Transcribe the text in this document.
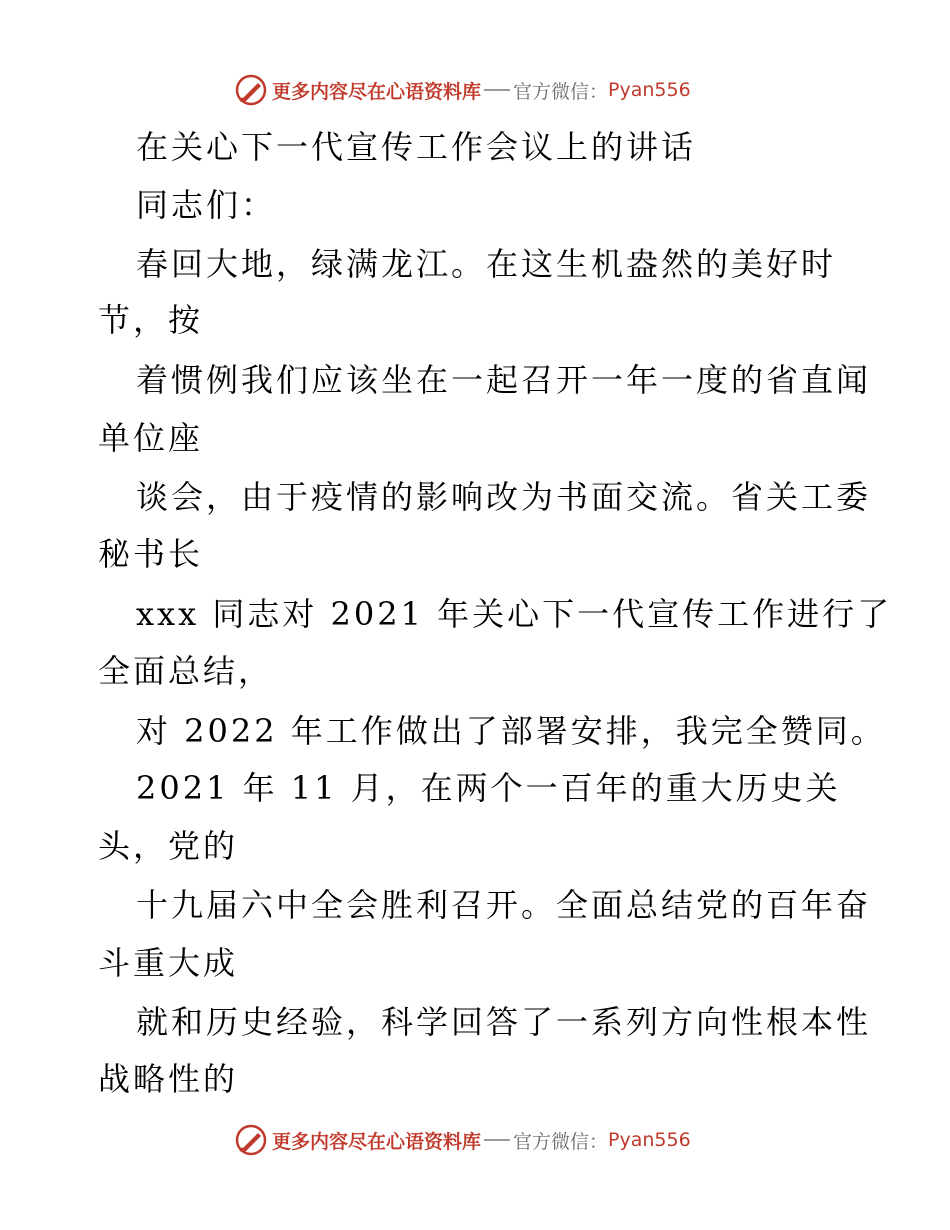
更多内容尽在心语资料库 官方微信： Pyan556

在关心下一代宣传工作会议上的讲话

同志们：

春回大地，绿满龙江。在这生机盎然的美好时

节，按

着惯例我们应该坐在一起召开一年一度的省直闻

单位座

谈会，由于疫情的影响改为书面交流。省关工委

秘书长

xxx 同志对 2021 年关心下一代宣传工作进行了

全面总结，

对 2022 年工作做出了部署安排，我完全赞同。

2021 年 11 月，在两个一百年的重大历史关

头，党的

十九届六中全会胜利召开。全面总结党的百年奋

斗重大成

就和历史经验，科学回答了一系列方向性根本性

战略性的

更多内容尽在心语资料库 官方微信： Pyan556
